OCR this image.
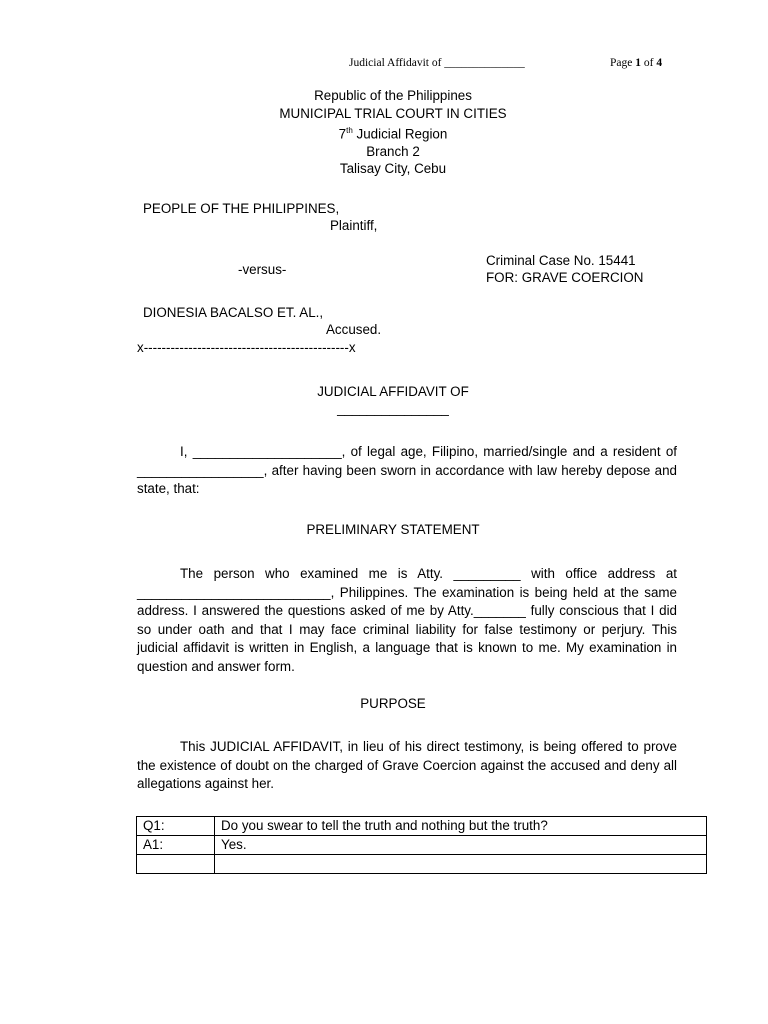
Judicial Affidavit of ______________	Page 1 of 4
Republic of the Philippines
MUNICIPAL TRIAL COURT IN CITIES
7th Judicial Region
Branch 2
Talisay City, Cebu
PEOPLE OF THE PHILIPPINES,
Plaintiff,
Criminal Case No. 15441
-versus-
FOR: GRAVE COERCION
DIONESIA BACALSO ET. AL.,
Accused.
x----------------------------------------------x
JUDICIAL AFFIDAVIT OF
_______________
I, ____________________, of legal age, Filipino, married/single and a resident of _________________, after having been sworn in accordance with law hereby depose and state, that:
PRELIMINARY STATEMENT
The person who examined me is Atty. _________ with office address at __________________________, Philippines. The examination is being held at the same address. I answered the questions asked of me by Atty._______ fully conscious that I did so under oath and that I may face criminal liability for false testimony or perjury. This judicial affidavit is written in English, a language that is known to me. My examination in question and answer form.
PURPOSE
This JUDICIAL AFFIDAVIT, in lieu of his direct testimony, is being offered to prove the existence of doubt on the charged of Grave Coercion against the accused and deny all allegations against her.
Q1:	Do you swear to tell the truth and nothing but the truth?
A1:	Yes.
